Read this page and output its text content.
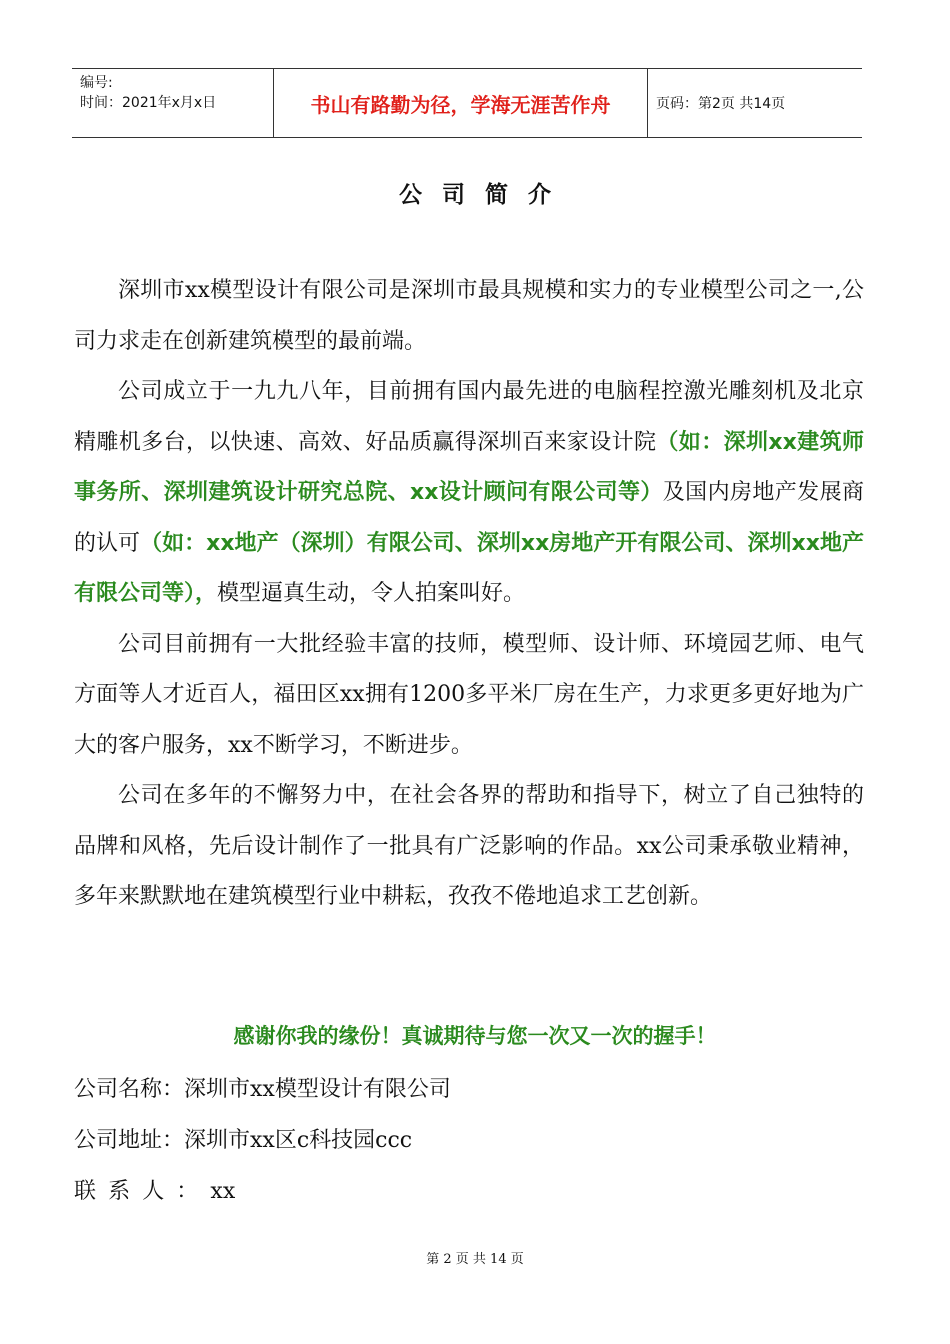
编号:
时间：2021年x月x日	书山有路勤为径，学海无涯苦作舟	页码：第2页 共14页
公司简介

深圳市xx模型设计有限公司是深圳市最具规模和实力的专业模型公司之一,公司力求走在创新建筑模型的最前端。

公司成立于一九九八年，目前拥有国内最先进的电脑程控激光雕刻机及北京精雕机多台，以快速、高效、好品质赢得深圳百来家设计院（如：深圳xx建筑师事务所、深圳建筑设计研究总院、xx设计顾问有限公司等）及国内房地产发展商的认可（如：xx地产（深圳）有限公司、深圳xx房地产开有限公司、深圳xx地产有限公司等），模型逼真生动，令人拍案叫好。

公司目前拥有一大批经验丰富的技师，模型师、设计师、环境园艺师、电气方面等人才近百人，福田区xx拥有1200多平米厂房在生产，力求更多更好地为广大的客户服务，xx不断学习，不断进步。

公司在多年的不懈努力中，在社会各界的帮助和指导下，树立了自己独特的品牌和风格，先后设计制作了一批具有广泛影响的作品。xx公司秉承敬业精神，多年来默默地在建筑模型行业中耕耘，孜孜不倦地追求工艺创新。

感谢你我的缘份！真诚期待与您一次又一次的握手！
公司名称：深圳市xx模型设计有限公司
公司地址：深圳市xx区c科技园ccc
联系人：xx
第 2 页 共 14 页
